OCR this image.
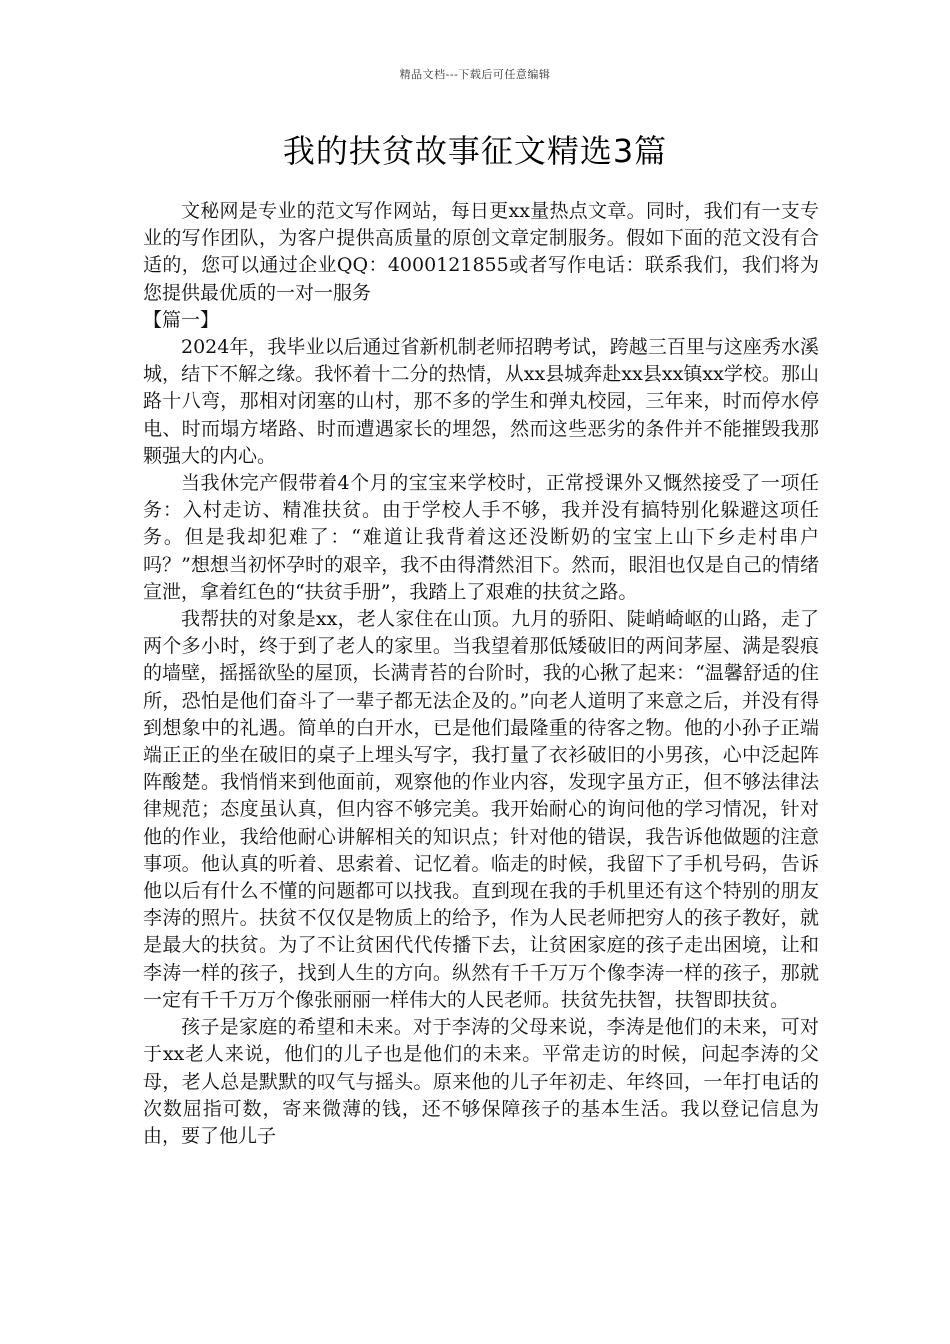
精品文档---下载后可任意编辑
我的扶贫故事征文精选3篇

文秘网是专业的范文写作网站，每日更xx量热点文章。同时，我们有一支专业的写作团队，为客户提供高质量的原创文章定制服务。假如下面的范文没有合适的，您可以通过企业QQ：4000121855或者写作电话：联系我们，我们将为您提供最优质的一对一服务

【篇一】

2024年，我毕业以后通过省新机制老师招聘考试，跨越三百里与这座秀水溪城，结下不解之缘。我怀着十二分的热情，从xx县城奔赴xx县xx镇xx学校。那山路十八弯，那相对闭塞的山村，那不多的学生和弹丸校园，三年来，时而停水停电、时而塌方堵路、时而遭遇家长的埋怨，然而这些恶劣的条件并不能摧毁我那颗强大的内心。

当我休完产假带着4个月的宝宝来学校时，正常授课外又慨然接受了一项任务：入村走访、精准扶贫。由于学校人手不够，我并没有搞特别化躲避这项任务。但是我却犯难了：“难道让我背着这还没断奶的宝宝上山下乡走村串户吗？”想想当初怀孕时的艰辛，我不由得潸然泪下。然而，眼泪也仅是自己的情绪宣泄，拿着红色的“扶贫手册”，我踏上了艰难的扶贫之路。

我帮扶的对象是xx，老人家住在山顶。九月的骄阳、陡峭崎岖的山路，走了两个多小时，终于到了老人的家里。当我望着那低矮破旧的两间茅屋、满是裂痕的墙壁，摇摇欲坠的屋顶，长满青苔的台阶时，我的心揪了起来：“温馨舒适的住所，恐怕是他们奋斗了一辈子都无法企及的。”向老人道明了来意之后，并没有得到想象中的礼遇。简单的白开水，已是他们最隆重的待客之物。他的小孙子正端端正正的坐在破旧的桌子上埋头写字，我打量了衣衫破旧的小男孩，心中泛起阵阵酸楚。我悄悄来到他面前，观察他的作业内容，发现字虽方正，但不够法律法律规范；态度虽认真，但内容不够完美。我开始耐心的询问他的学习情况，针对他的作业，我给他耐心讲解相关的知识点；针对他的错误，我告诉他做题的注意事项。他认真的听着、思索着、记忆着。临走的时候，我留下了手机号码，告诉他以后有什么不懂的问题都可以找我。直到现在我的手机里还有这个特别的朋友李涛的照片。扶贫不仅仅是物质上的给予，作为人民老师把穷人的孩子教好，就是最大的扶贫。为了不让贫困代代传播下去，让贫困家庭的孩子走出困境，让和李涛一样的孩子，找到人生的方向。纵然有千千万万个像李涛一样的孩子，那就一定有千千万万个像张丽丽一样伟大的人民老师。扶贫先扶智，扶智即扶贫。

孩子是家庭的希望和未来。对于李涛的父母来说，李涛是他们的未来，可对于xx老人来说，他们的儿子也是他们的未来。平常走访的时候，问起李涛的父母，老人总是默默的叹气与摇头。原来他的儿子年初走、年终回，一年打电话的次数屈指可数，寄来微薄的钱，还不够保障孩子的基本生活。我以登记信息为由，要了他儿子
